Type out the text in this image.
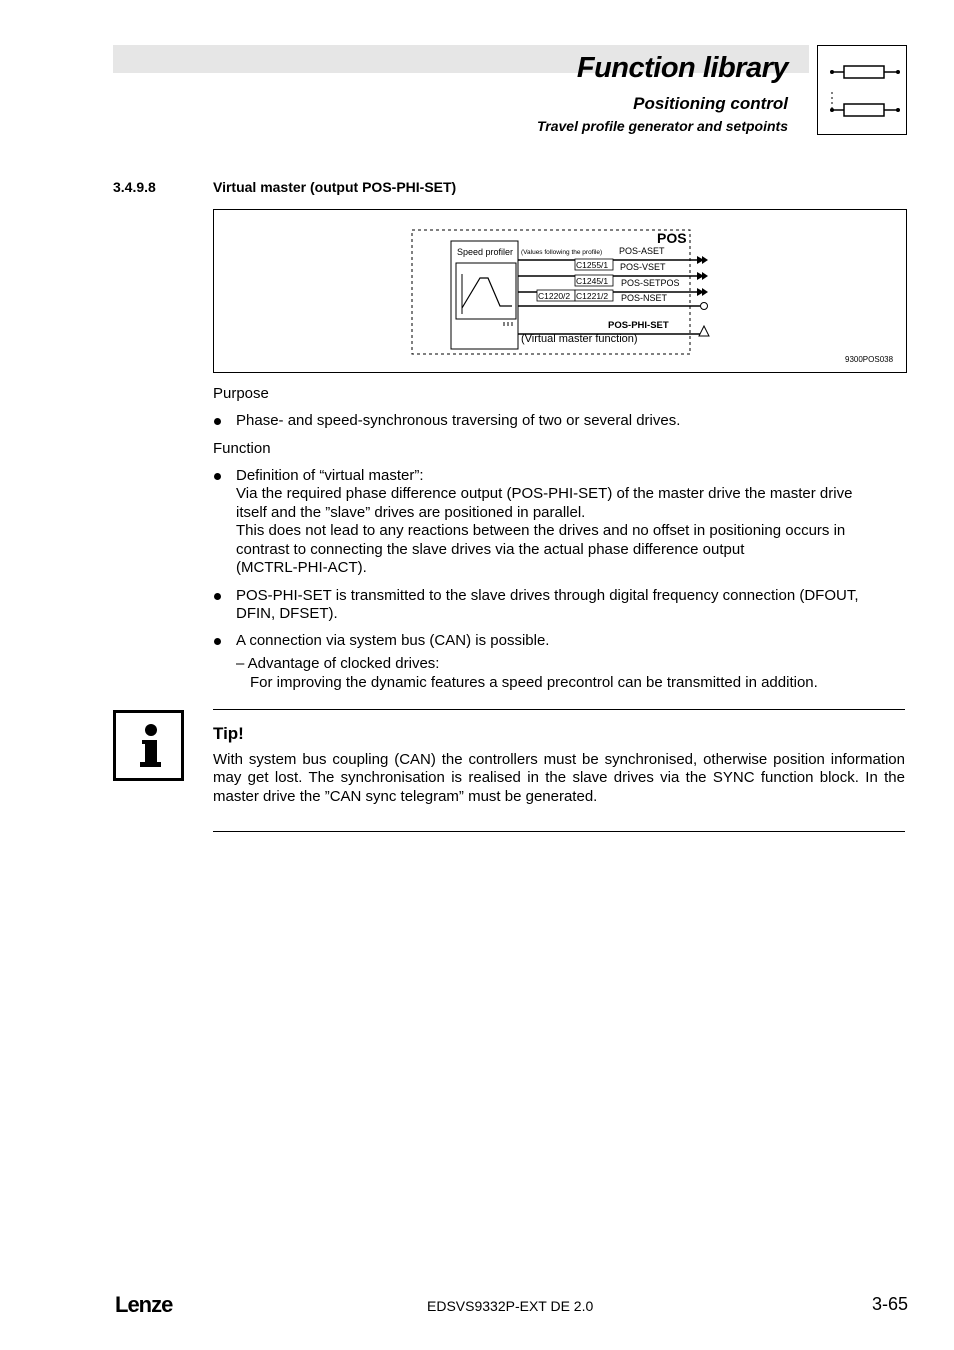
Function library
Positioning control
Travel profile generator and setpoints
3.4.9.8	Virtual master (output POS-PHI-SET)
Speed profiler
POS
(Values following the profile) POS-ASET
POS-VSET
POS-SETPOS
POS-NSET
POS-PHI-SET
C1255/1
C1245/1
C1220/2 C1221/2
(Virtual master function)
9300POS038
Purpose
Phase- and speed-synchronous traversing of two or several drives.
Function
Definition of “virtual master”:
Via the required phase difference output (POS-PHI-SET) of the master drive the master drive
itself and the ”slave” drives are positioned in parallel.
This does not lead to any reactions between the drives and no offset in positioning occurs in
contrast to connecting the slave drives via the actual phase difference output
(MCTRL-PHI-ACT).
POS-PHI-SET is transmitted to the slave drives through digital frequency connection (DFOUT,
DFIN, DFSET).
A connection via system bus (CAN) is possible.
– Advantage of clocked drives:
For improving the dynamic features a speed precontrol can be transmitted in addition.
Tip!
With system bus coupling (CAN) the controllers must be synchronised, otherwise position information may get lost. The synchronisation is realised in the slave drives via the SYNC function block. In the master drive the ”CAN sync telegram” must be generated.
Lenze	EDSVS9332P-EXT DE 2.0	3-65
